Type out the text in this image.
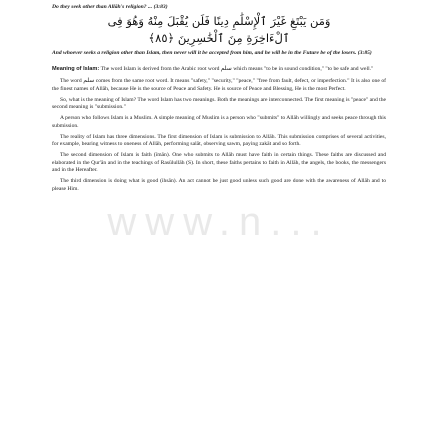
Do they seek other than Allāh's religion? ... (3:83)

وَمَن يَبْتَغِ غَيْرَ ٱلْإِسْلَٰمِ دِينًا فَلَن يُقْبَلَ مِنْهُ وَهُوَ فِى

ٱلْءَاخِرَةِ مِنَ ٱلْخَٰسِرِينَ ﴿٨٥﴾

And whoever seeks a religion other than Islam, then never will it be accepted from him, and he will be in the Future be of the losers. (3:85)

Meaning of Islam: The word Islam is derived from the Arabic root word سلم which means "to be in sound condition," "to be safe and well."

The word سلم comes from the same root word. It means "safety," "security," "peace," "free from fault, defect, or imperfection." It is also one of the finest names of Allāh, because He is the source of Peace and Safety. He is source of Peace and Blessing, He is the most Perfect.

So, what is the meaning of Islam? The word Islam has two meanings. Both the meanings are interconnected. The first meaning is "peace" and the second meaning is "submission."

A person who follows Islam is a Muslim. A simple meaning of Muslim is a person who "submits" to Allāh willingly and seeks peace through this submission.

The reality of Islam has three dimensions. The first dimension of Islam is submission to Allāh. This submission comprises of several activities, for example, bearing witness to oneness of Allāh, performing salāt, observing sawm, paying zakāt and so forth.

The second dimension of Islam is faith (īmān). One who submits to Allāh must have faith in certain things. These faiths are discussed and elaborated in the Qur'ān and in the teachings of Rasūlullāh (S). In short, these faiths pertains to faith in Allāh, the angels, the books, the messengers and in the Hereafter.

The third dimension is doing what is good (ihsān). An act cannot be just good unless such good are done with the awareness of Allāh and to please Him.

www.n...
